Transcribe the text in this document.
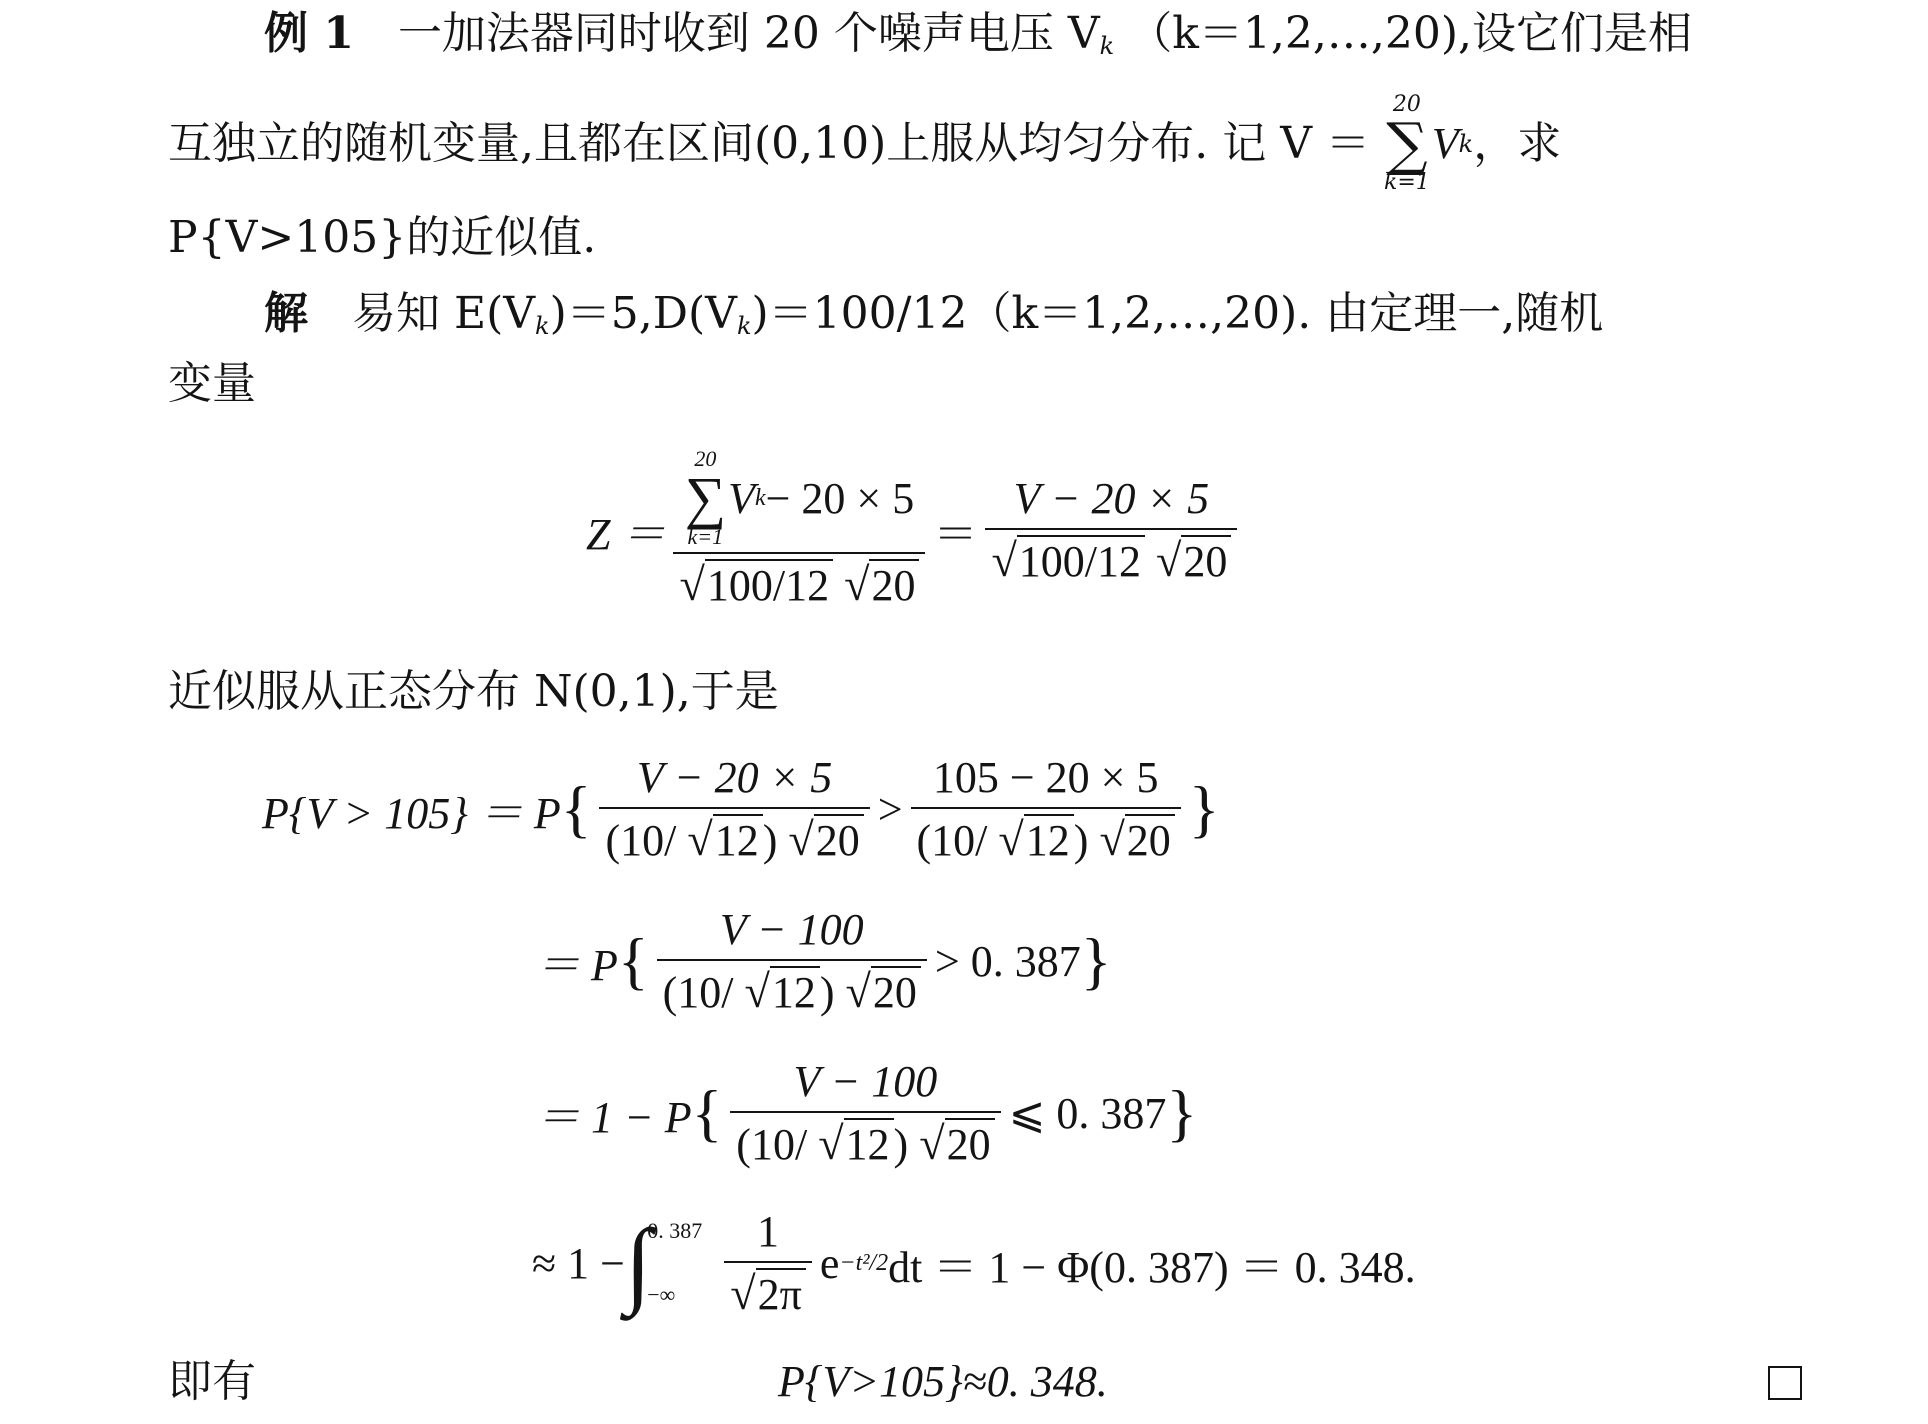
例 1 一加法器同时收到 20 个噪声电压 $V_k$ （k＝1,2,…,20),设它们是相
互独立的随机变量,且都在区间(0,10)上服从均匀分布. 记 V ＝
20
∑
k=1
V k ，求
P{V>105}的近似值.
解 易知 $E(V_k)=5,D(V_k)=100/12(k=1,2,\dots,20)$. 由定理一,随机
变量
Z ＝ 20
∑
k=1
V k − 20 × 5
√100/12 $√20 = \frac{V - 20 \times 5}{√100/12 √20}$
近似服从正态分布 N(0,1),于是
P{V > 105} ＝ P { $\frac{V - 20 \times 5}{(10/ √12) √20} > \frac{105 - 20 \times 5}{(10/ √12) √20}$ }
＝ P { $\frac{V - 100}{(10/ √12) √20} > 0$. 387 }
＝ 1 − P { $\frac{V - 100}{(10/ √12) √20}$ ⩽ 0. 387 }
≈ 1 − ∫
0. 387
−∞	$\frac{1}{√2\pi}$ e −t²/2 dt ＝ 1 − Φ(0. 387) ＝ 0. 348.
即有	P{V>105}≈0. 348.
